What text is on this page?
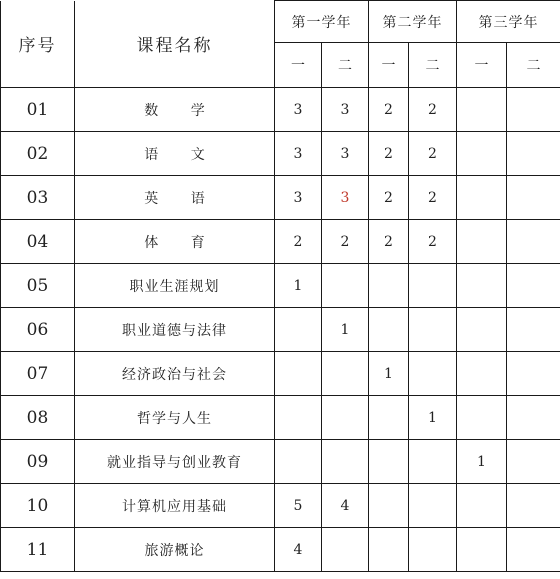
序号	课程名称	第一学年		第二学年		第三学年	
		一	二	一	二	一	二
01	数 学	3	3	2	2		
02	语 文	3	3	2	2		
03	英 语	3	3	2	2		
04	体 育	2	2	2	2		
05	职业生涯规划	1					
06	职业道德与法律		1				
07	经济政治与社会			1			
08	哲学与人生				1		
09	就业指导与创业教育					1	
10	计算机应用基础	5	4				
11	旅游概论	4					
